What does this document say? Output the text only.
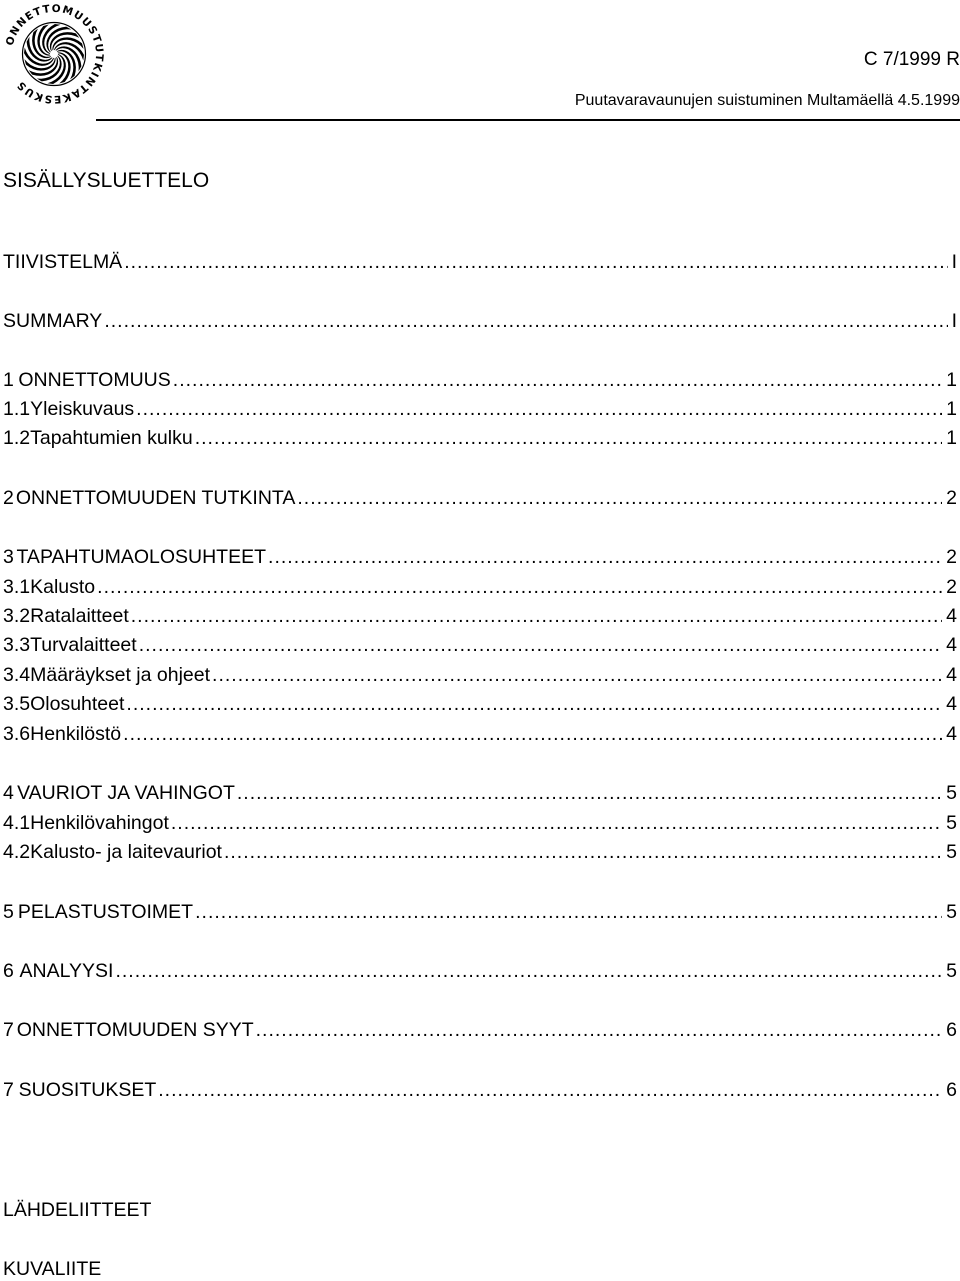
ONNETTOMUUSTUTKINTAKESKUS
C 7/1999 R
Puutavaravaunujen suistuminen Multamäellä 4.5.1999
SISÄLLYSLUETTELO
TIIVISTELMÄ .....	I
SUMMARY .....	I
1 ONNETTOMUUS .....	1
1.1 Yleiskuvaus .....	1
1.2 Tapahtumien kulku .....	1
2 ONNETTOMUUDEN TUTKINTA .....	2
3 TAPAHTUMAOLOSUHTEET .....	2
3.1 Kalusto .....	2
3.2 Ratalaitteet .....	4
3.3 Turvalaitteet .....	4
3.4 Määräykset ja ohjeet .....	4
3.5 Olosuhteet .....	4
3.6 Henkilöstö .....	4
4 VAURIOT JA VAHINGOT .....	5
4.1 Henkilövahingot .....	5
4.2 Kalusto- ja laitevauriot .....	5
5 PELASTUSTOIMET .....	5
6 ANALYYSI .....	5
7 ONNETTOMUUDEN SYYT .....	6
7 SUOSITUKSET .....	6
LÄHDELIITTEET
KUVALIITE
